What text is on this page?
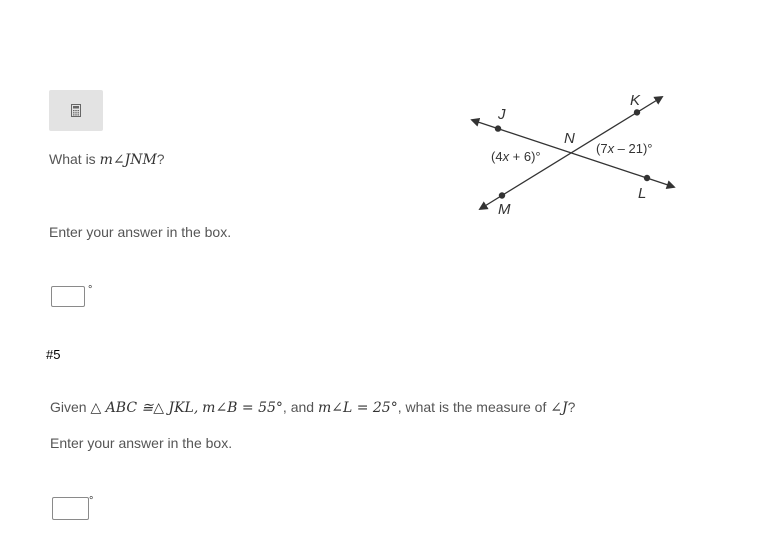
What is m∠JNM?
J
K
L
M
N
(4x + 6)°
(7x – 21)°
Enter your answer in the box.
°
#5
Given △ ABC ≅△ JKL, m∠B = 55°, and m∠L = 25°, what is the measure of ∠J?
Enter your answer in the box.
°
